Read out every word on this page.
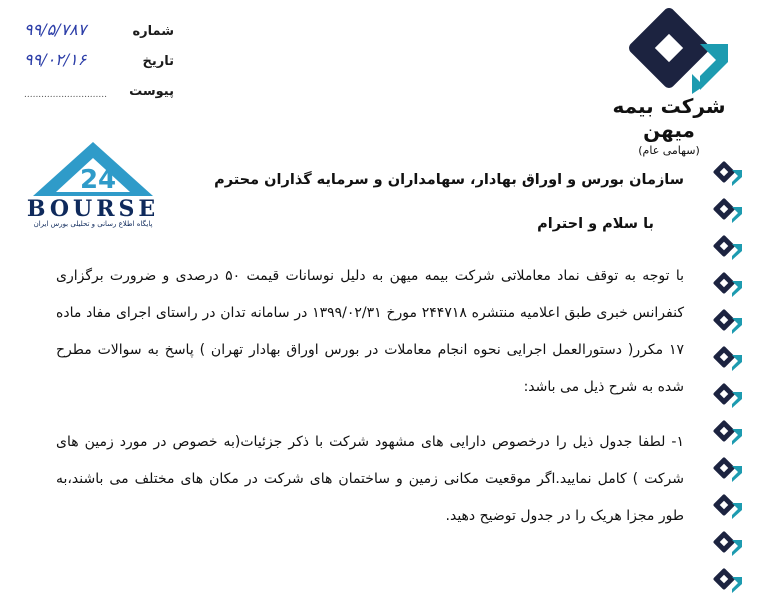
شماره
۹۹/۵/۷۸۷
تاریخ
۹۹/۰۲/۱۶
پیوست
.............................	شرکت بیمه میهن
(سهامی عام)
2 4
BOURSE
پایگاه اطلاع رسانی و تحلیلی بورس ایران
سازمان بورس و اوراق بهادار، سهامداران و سرمایه گذاران محترم
با سلام و احترام

با توجه به توقف نماد معاملاتی شرکت بیمه میهن به دلیل نوسانات قیمت ۵۰ درصدی و ضرورت برگزاری کنفرانس خبری طبق اعلامیه منتشره ۲۴۴۷۱۸ مورخ ۱۳۹۹/۰۲/۳۱ در سامانه تدان در راستای اجرای مفاد ماده ۱۷ مکرر( دستورالعمل اجرایی نحوه انجام معاملات در بورس اوراق بهادار تهران ) پاسخ به سوالات مطرح شده به شرح ذیل می باشد:

۱- لطفا جدول ذیل را درخصوص دارایی های مشهود شرکت با ذکر جزئیات(به خصوص در مورد زمین های شرکت ) کامل نمایید.اگر موقعیت مکانی زمین و ساختمان های شرکت در مکان های مختلف می باشند،به طور مجزا هریک را در جدول توضیح دهید.
